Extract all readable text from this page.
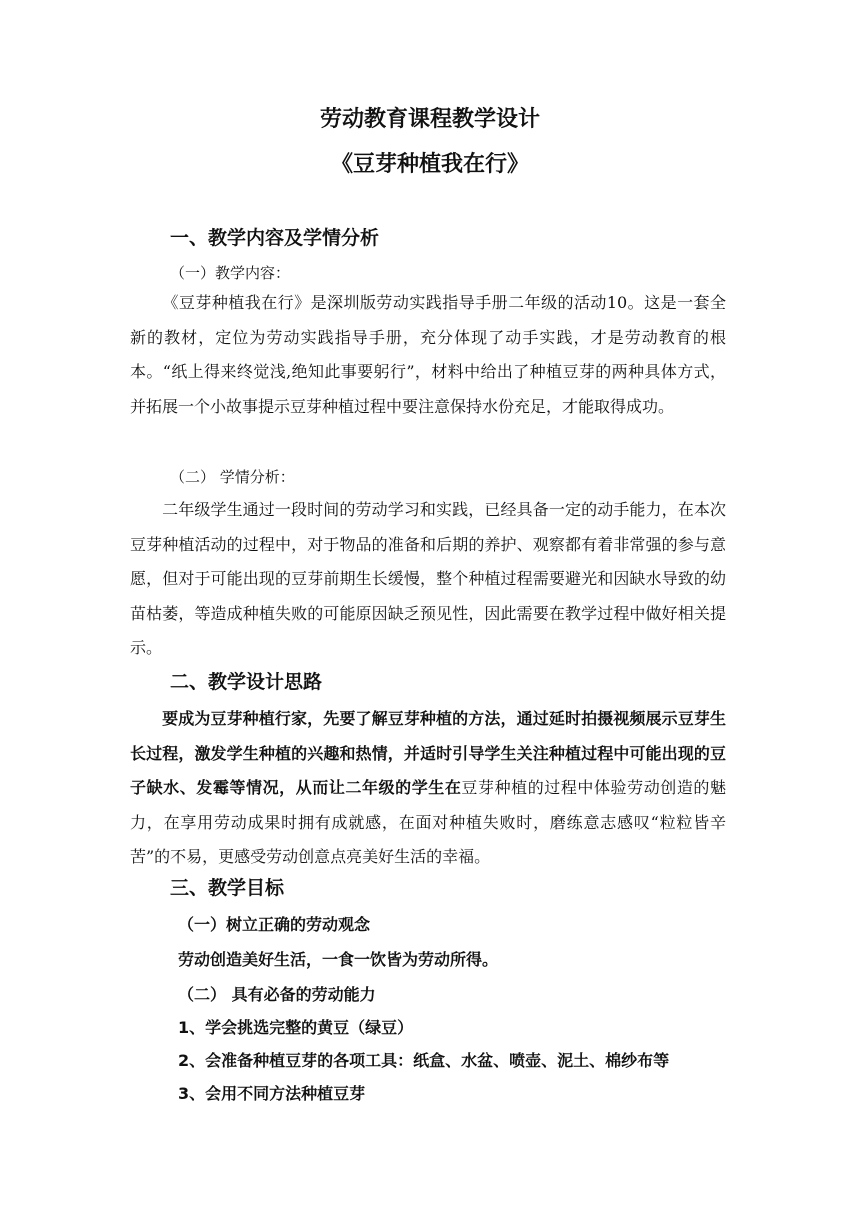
劳动教育课程教学设计
《豆芽种植我在行》
一、教学内容及学情分析
（一）教学内容：

《豆芽种植我在行》是深圳版劳动实践指导手册二年级的活动10。这是一套全新的教材，定位为劳动实践指导手册，充分体现了动手实践，才是劳动教育的根本。“纸上得来终觉浅,绝知此事要躬行”，材料中给出了种植豆芽的两种具体方式，并拓展一个小故事提示豆芽种植过程中要注意保持水份充足，才能取得成功。

（二） 学情分析：

二年级学生通过一段时间的劳动学习和实践，已经具备一定的动手能力，在本次豆芽种植活动的过程中，对于物品的准备和后期的养护、观察都有着非常强的参与意愿，但对于可能出现的豆芽前期生长缓慢，整个种植过程需要避光和因缺水导致的幼苗枯萎，等造成种植失败的可能原因缺乏预见性，因此需要在教学过程中做好相关提示。

二、教学设计思路

要成为豆芽种植行家，先要了解豆芽种植的方法，通过延时拍摄视频展示豆芽生长过程，激发学生种植的兴趣和热情，并适时引导学生关注种植过程中可能出现的豆子缺水、发霉等情况，从而让二年级的学生在豆芽种植的过程中体验劳动创造的魅力，在享用劳动成果时拥有成就感，在面对种植失败时，磨练意志感叹“粒粒皆辛苦”的不易，更感受劳动创意点亮美好生活的幸福。

三、教学目标
（一）树立正确的劳动观念
劳动创造美好生活，一食一饮皆为劳动所得。
（二） 具有必备的劳动能力
1、学会挑选完整的黄豆（绿豆）
2、会准备种植豆芽的各项工具：纸盒、水盆、喷壶、泥土、棉纱布等
3、会用不同方法种植豆芽
